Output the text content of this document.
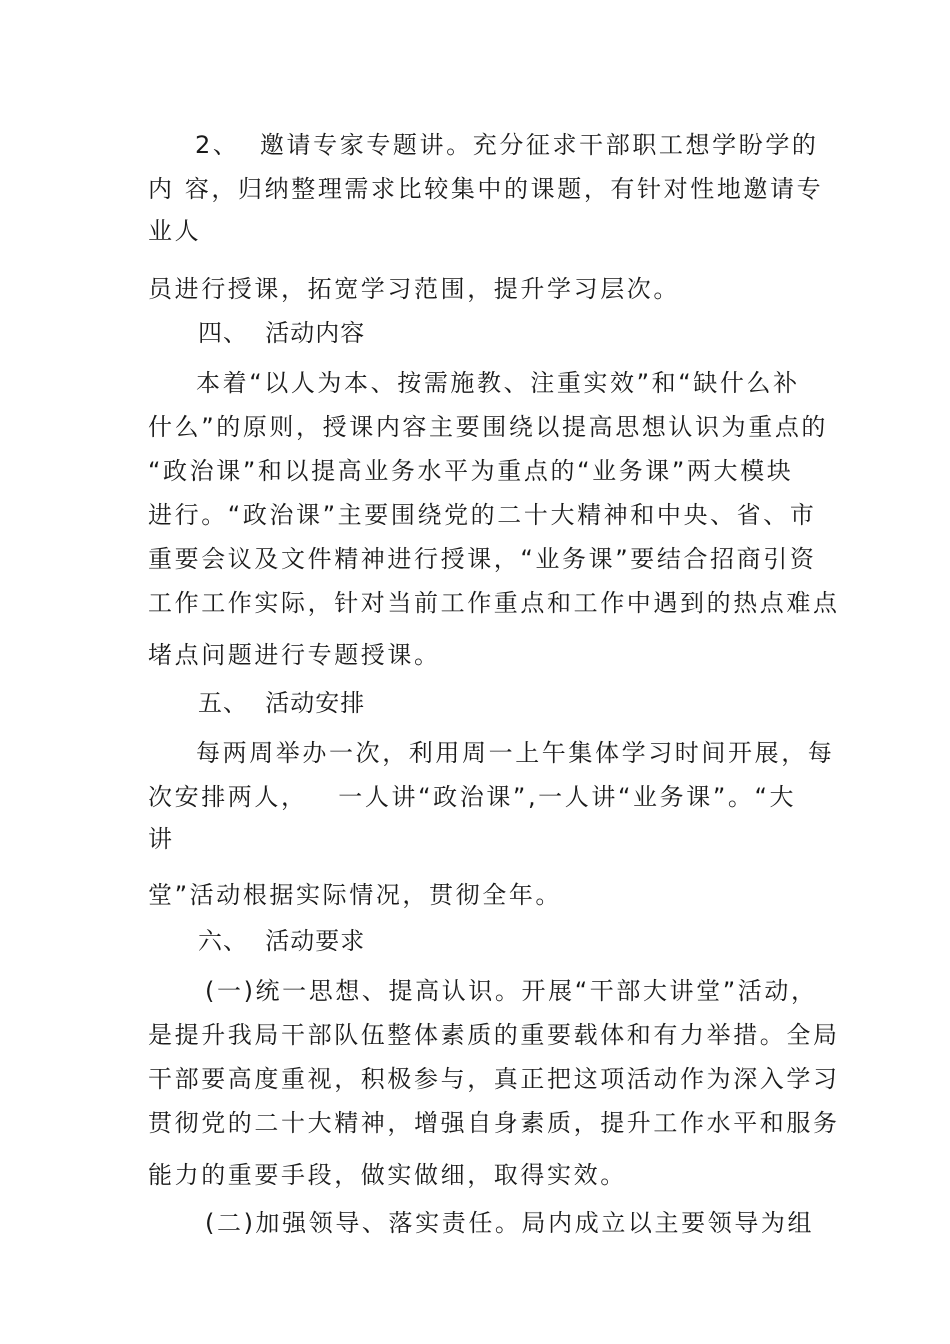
2、  邀请专家专题讲。充分征求干部职工想学盼学的
内 容，归纳整理需求比较集中的课题，有针对性地邀请专
业人
员进行授课，拓宽学习范围，提升学习层次。
四、  活动内容
本着“以人为本、按需施教、注重实效”和“缺什么补
什么”的原则，授课内容主要围绕以提高思想认识为重点的
“政治课”和以提高业务水平为重点的“业务课”两大模块
进行。“政治课”主要围绕党的二十大精神和中央、省、市
重要会议及文件精神进行授课，“业务课”要结合招商引资
工作工作实际，针对当前工作重点和工作中遇到的热点难点
堵点问题进行专题授课。
五、  活动安排
每两周举办一次，利用周一上午集体学习时间开展，每
次安排两人，   一人讲“政治课”,一人讲“业务课”。“大
讲
堂”活动根据实际情况，贯彻全年。
六、  活动要求
(一)统一思想、提高认识。开展“干部大讲堂”活动，
是提升我局干部队伍整体素质的重要载体和有力举措。全局
干部要高度重视，积极参与，真正把这项活动作为深入学习
贯彻党的二十大精神，增强自身素质，提升工作水平和服务
能力的重要手段，做实做细，取得实效。
(二)加强领导、落实责任。局内成立以主要领导为组
